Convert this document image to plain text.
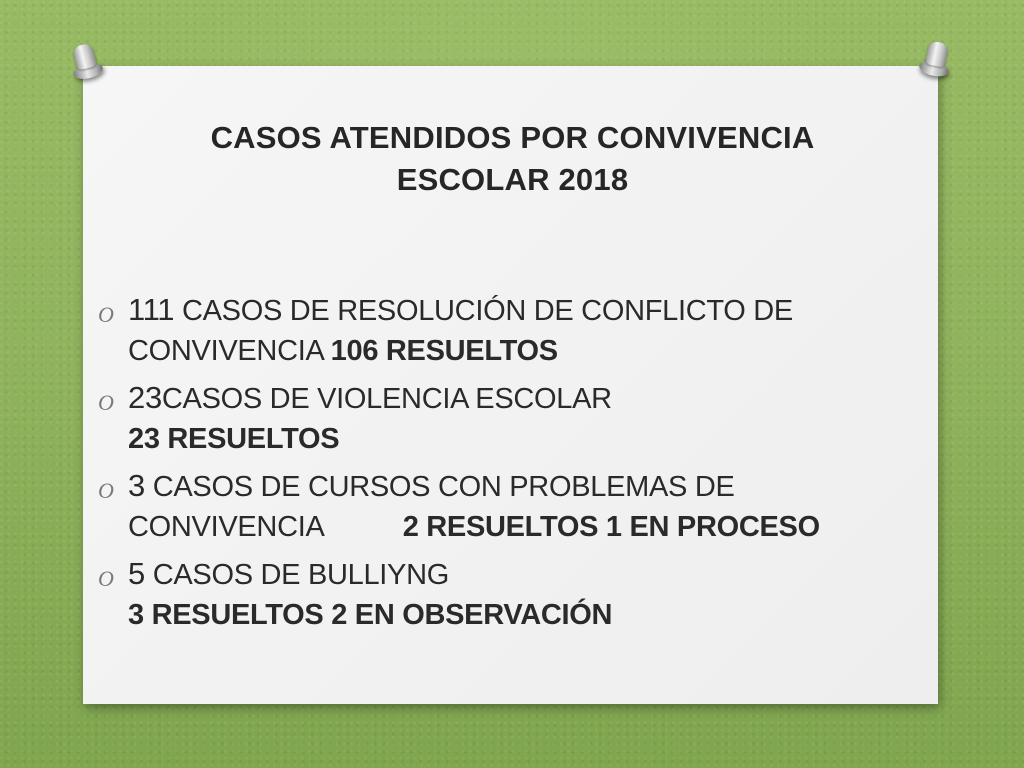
CASOS ATENDIDOS POR CONVIVENCIA
ESCOLAR 2018
O 111 CASOS DE RESOLUCIÓN DE CONFLICTO DE
CONVIVENCIA 106 RESUELTOS
O 23CASOS DE VIOLENCIA ESCOLAR
23 RESUELTOS
O 3 CASOS DE CURSOS CON PROBLEMAS DE
CONVIVENCIA	2 RESUELTOS 1 EN PROCESO
O 5 CASOS DE BULLIYNG
3 RESUELTOS 2 EN OBSERVACIÓN
